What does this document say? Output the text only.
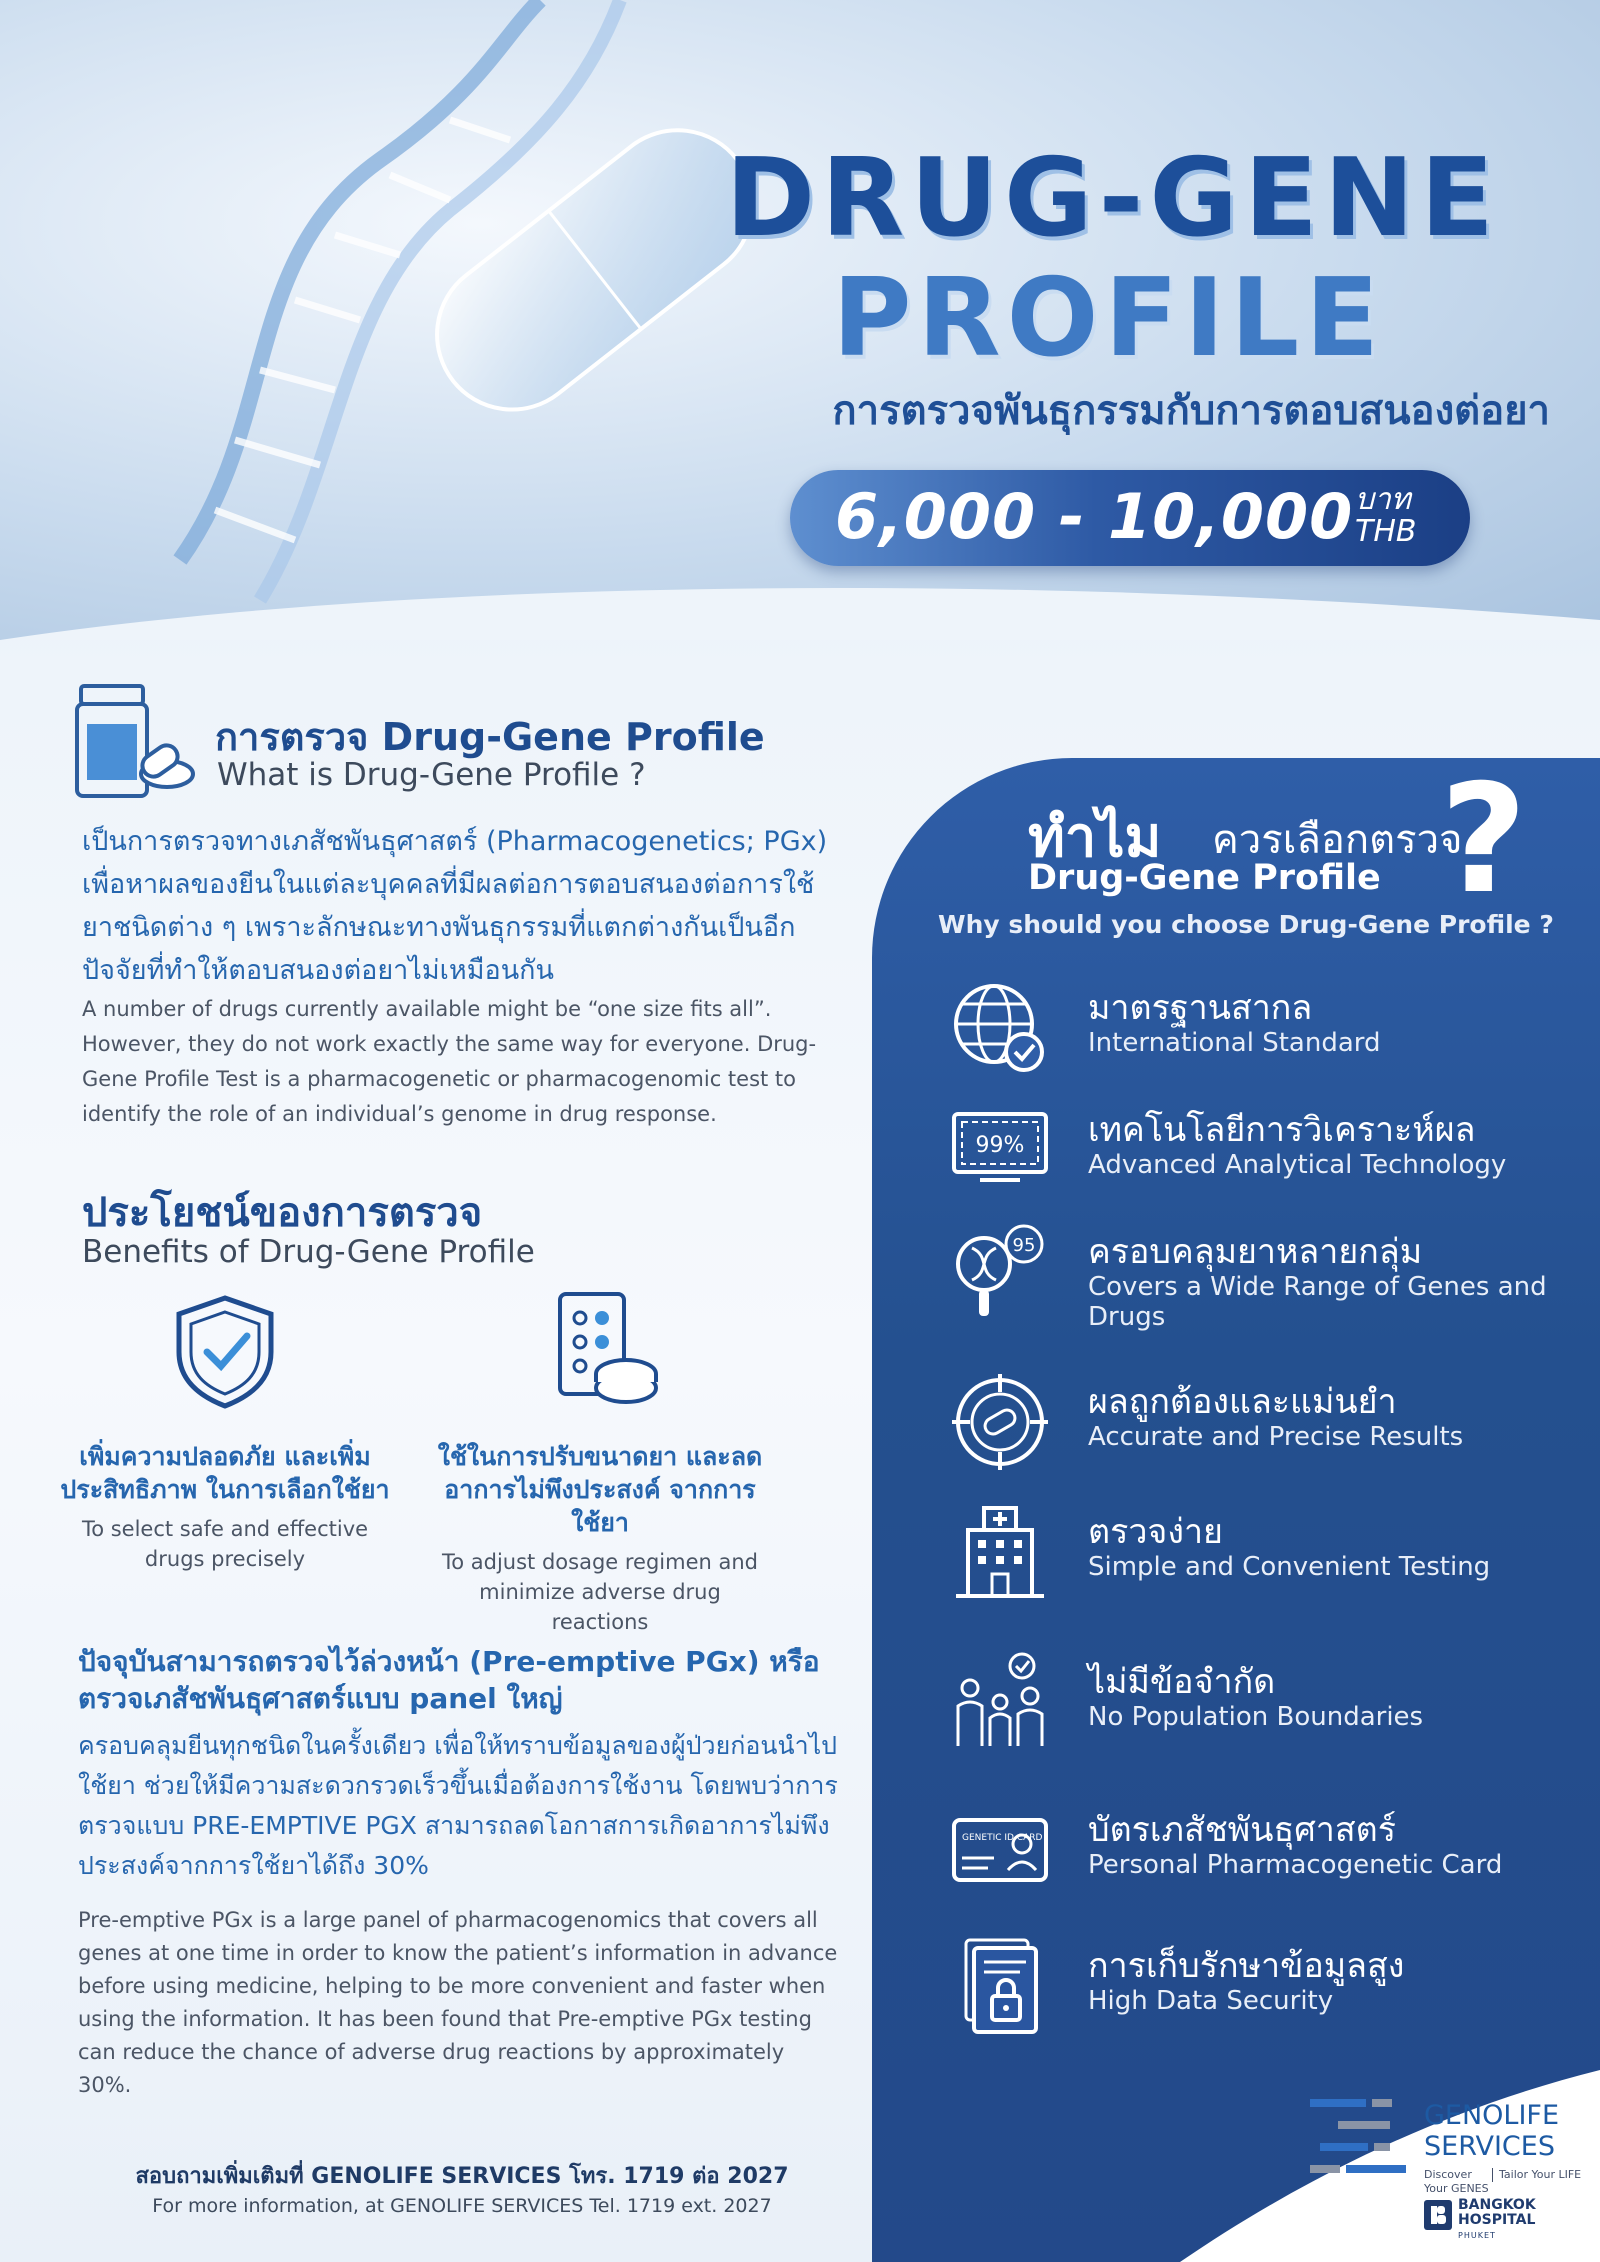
DRUG-GENE
PROFILE
การตรวจพันธุกรรมกับการตอบสนองต่อยา
6,000 - 10,000 บาท
THB
การตรวจ Drug-Gene Profile
What is Drug-Gene Profile ?
เป็นการตรวจทางเภสัชพันธุศาสตร์ (Pharmacogenetics; PGx) เพื่อหาผลของยีนในแต่ละบุคคลที่มีผลต่อการตอบสนองต่อการใช้ยาชนิดต่าง ๆ เพราะลักษณะทางพันธุกรรมที่แตกต่างกันเป็นอีกปัจจัยที่ทำให้ตอบสนองต่อยาไม่เหมือนกัน
A number of drugs currently available might be “one size fits all”. However, they do not work exactly the same way for everyone. Drug-Gene Profile Test is a pharmacogenetic or pharmacogenomic test to identify the role of an individual’s genome in drug response.
ประโยชน์ของการตรวจ
Benefits of Drug-Gene Profile
เพิ่มความปลอดภัย และเพิ่มประสิทธิภาพ ในการเลือกใช้ยา
To select safe and effective drugs precisely
ใช้ในการปรับขนาดยา และลดอาการไม่พึงประสงค์ จากการใช้ยา
To adjust dosage regimen and minimize adverse drug reactions
ปัจจุบันสามารถตรวจไว้ล่วงหน้า (Pre-emptive PGx) หรือตรวจเภสัชพันธุศาสตร์แบบ panel ใหญ่
ครอบคลุมยีนทุกชนิดในครั้งเดียว เพื่อให้ทราบข้อมูลของผู้ป่วยก่อนนำไปใช้ยา ช่วยให้มีความสะดวกรวดเร็วขึ้นเมื่อต้องการใช้งาน โดยพบว่าการตรวจแบบ PRE-EMPTIVE PGX สามารถลดโอกาสการเกิดอาการไม่พึงประสงค์จากการใช้ยาได้ถึง 30%
Pre-emptive PGx is a large panel of pharmacogenomics that covers all genes at one time in order to know the patient’s information in advance before using medicine, helping to be more convenient and faster when using the information. It has been found that Pre-emptive PGx testing can reduce the chance of adverse drug reactions by approximately 30%.
สอบถามเพิ่มเติมที่ GENOLIFE SERVICES โทร. 1719 ต่อ 2027
For more information, at GENOLIFE SERVICES Tel. 1719 ext. 2027
ทำไม ควรเลือกตรวจ
?
Drug-Gene Profile
Why should you choose Drug-Gene Profile ?
มาตรฐานสากล
International Standard
99% เทคโนโลยีการวิเคราะห์ผล
Advanced Analytical Technology
95 ครอบคลุมยาหลายกลุ่ม
Covers a Wide Range of Genes and Drugs
ผลถูกต้องและแม่นยำ
Accurate and Precise Results
ตรวจง่าย
Simple and Convenient Testing
ไม่มีข้อจำกัด
No Population Boundaries
GENETIC ID CARD บัตรเภสัชพันธุศาสตร์
Personal Pharmacogenetic Card
การเก็บรักษาข้อมูลสูง
High Data Security
GENOLIFE SERVICES
Discover Your GENES
Tailor Your LIFE
BANGKOK HOSPITAL
PHUKET
